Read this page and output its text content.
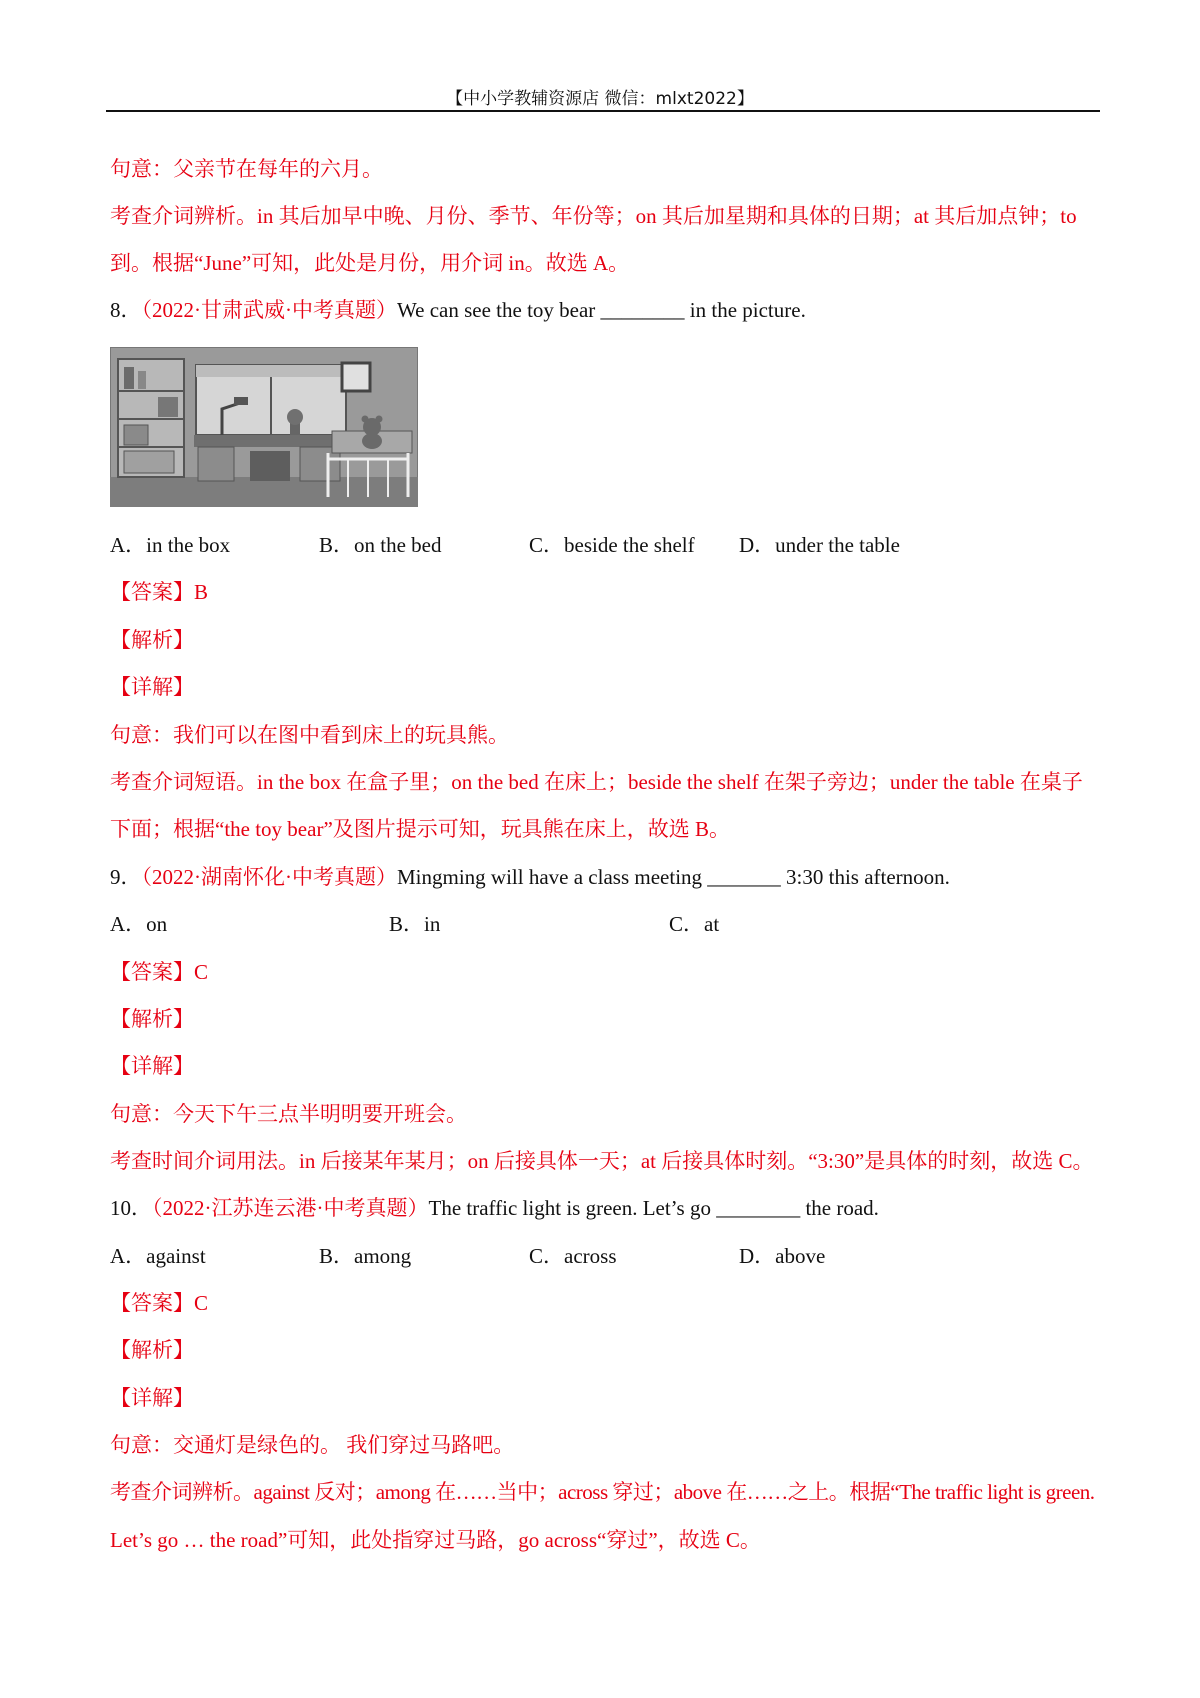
【中小学教辅资源店 微信：mlxt2022】
句意：父亲节在每年的六月。
考查介词辨析。in 其后加早中晚、月份、季节、年份等；on 其后加星期和具体的日期；at 其后加点钟；to
到。根据“June”可知，此处是月份，用介词 in。故选 A。
8．（2022·甘肃武威·中考真题）We can see the toy bear ________ in the picture.
A．in the box	B．on the bed	C．beside the shelf D．under the table
【答案】B
【解析】
【详解】
句意：我们可以在图中看到床上的玩具熊。
考查介词短语。in the box 在盒子里；on the bed 在床上；beside the shelf 在架子旁边；under the table 在桌子
下面；根据“the toy bear”及图片提示可知，玩具熊在床上，故选 B。
9．（2022·湖南怀化·中考真题）Mingming will have a class meeting _______ 3:30 this afternoon.
A．on	B．in	C．at
【答案】C
【解析】
【详解】
句意：今天下午三点半明明要开班会。
考查时间介词用法。in 后接某年某月；on 后接具体一天；at 后接具体时刻。“3:30”是具体的时刻，故选 C。
10．（2022·江苏连云港·中考真题）The traffic light is green. Let’s go ________ the road.
A．against	B．among	C．across	D．above
【答案】C
【解析】
【详解】
句意：交通灯是绿色的。 我们穿过马路吧。
考查介词辨析。against 反对；among 在……当中；across 穿过；above 在……之上。根据“The traffic light is green.
Let’s go … the road”可知，此处指穿过马路，go across“穿过”，故选 C。
